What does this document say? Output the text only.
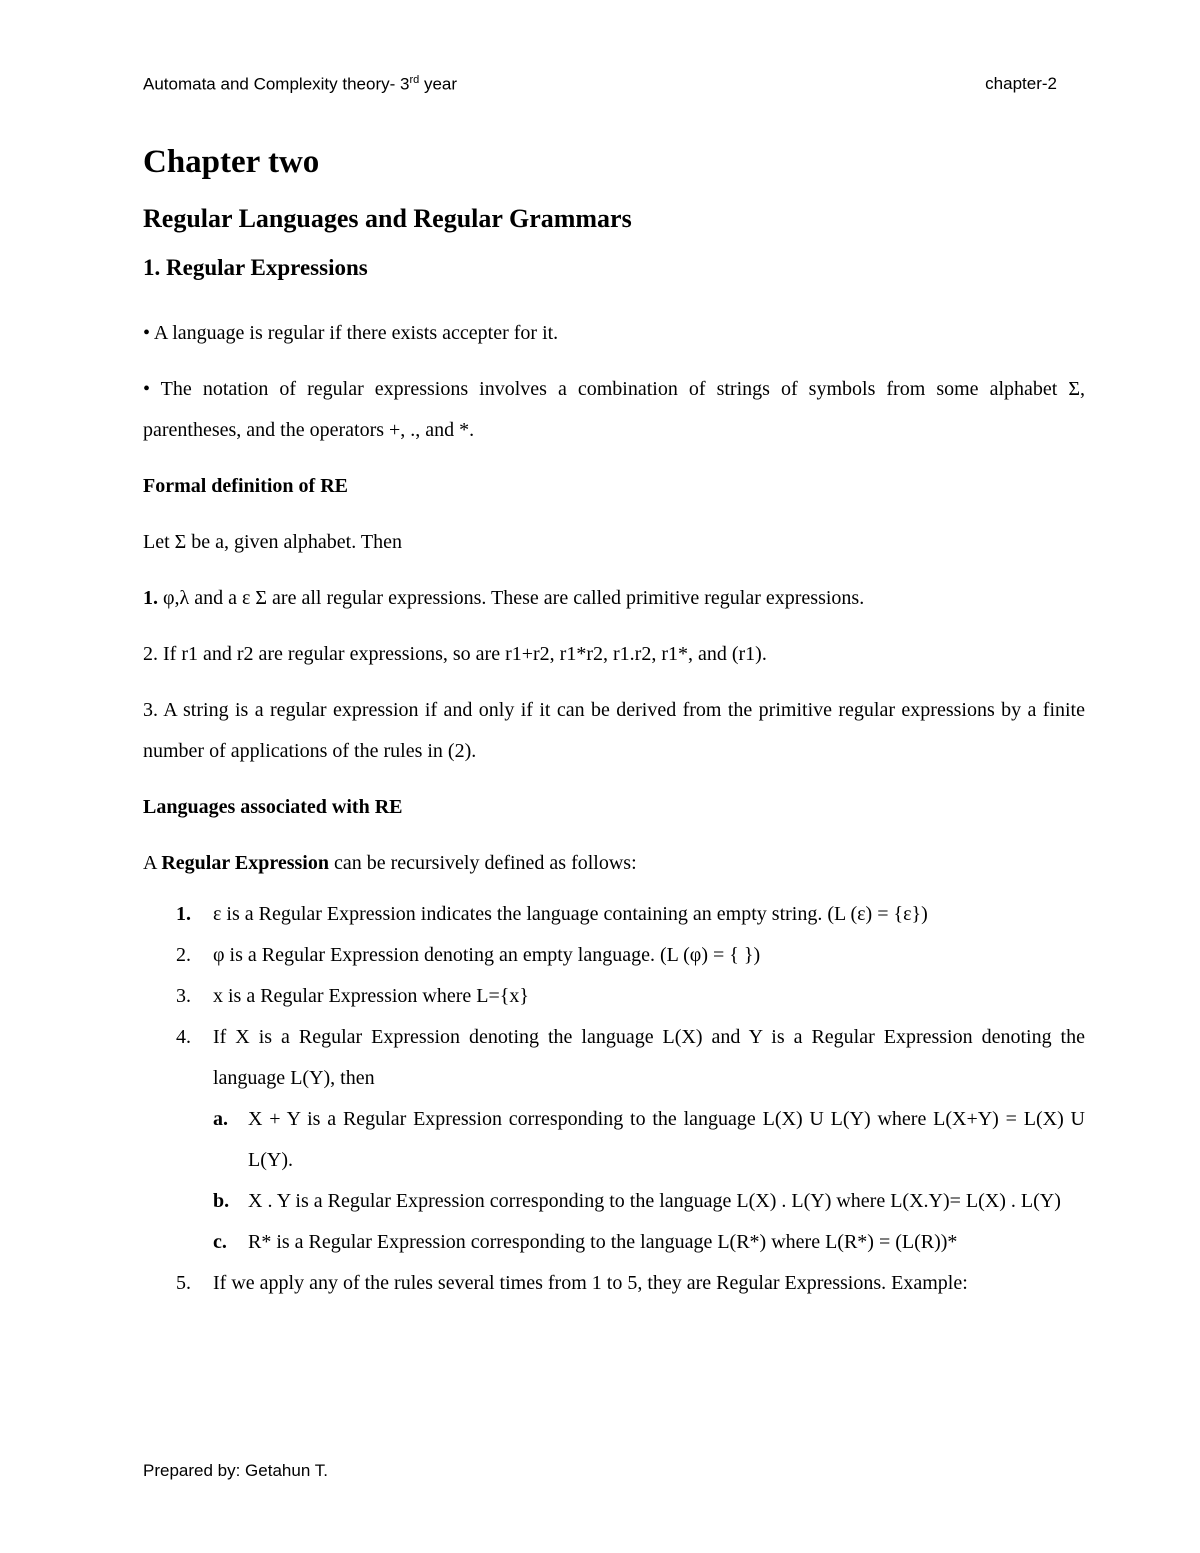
Automata and Complexity theory- 3rd year	chapter-2
Chapter two
Regular Languages and Regular Grammars
1. Regular Expressions

• A language is regular if there exists accepter for it.

• The notation of regular expressions involves a combination of strings of symbols from some alphabet Σ, parentheses, and the operators +, ., and *.

Formal definition of RE

Let Σ be a, given alphabet. Then

1. φ,λ and a ε Σ are all regular expressions. These are called primitive regular expressions.

2. If r1 and r2 are regular expressions, so are r1+r2, r1*r2, r1.r2, r1*, and (r1).

3. A string is a regular expression if and only if it can be derived from the primitive regular expressions by a finite number of applications of the rules in (2).

Languages associated with RE

A Regular Expression can be recursively defined as follows:

1. ε is a Regular Expression indicates the language containing an empty string. (L (ε) = {ε})
2. φ is a Regular Expression denoting an empty language. (L (φ) = { })
3. x is a Regular Expression where L={x}
4. If X is a Regular Expression denoting the language L(X) and Y is a Regular Expression denoting the language L(Y), then
a. X + Y is a Regular Expression corresponding to the language L(X) U L(Y) where L(X+Y) = L(X) U L(Y).
b. X . Y is a Regular Expression corresponding to the language L(X) . L(Y) where L(X.Y)= L(X) . L(Y)
c. R* is a Regular Expression corresponding to the language L(R*) where L(R*) = (L(R))*
5. If we apply any of the rules several times from 1 to 5, they are Regular Expressions. Example:
Prepared by: Getahun T.
